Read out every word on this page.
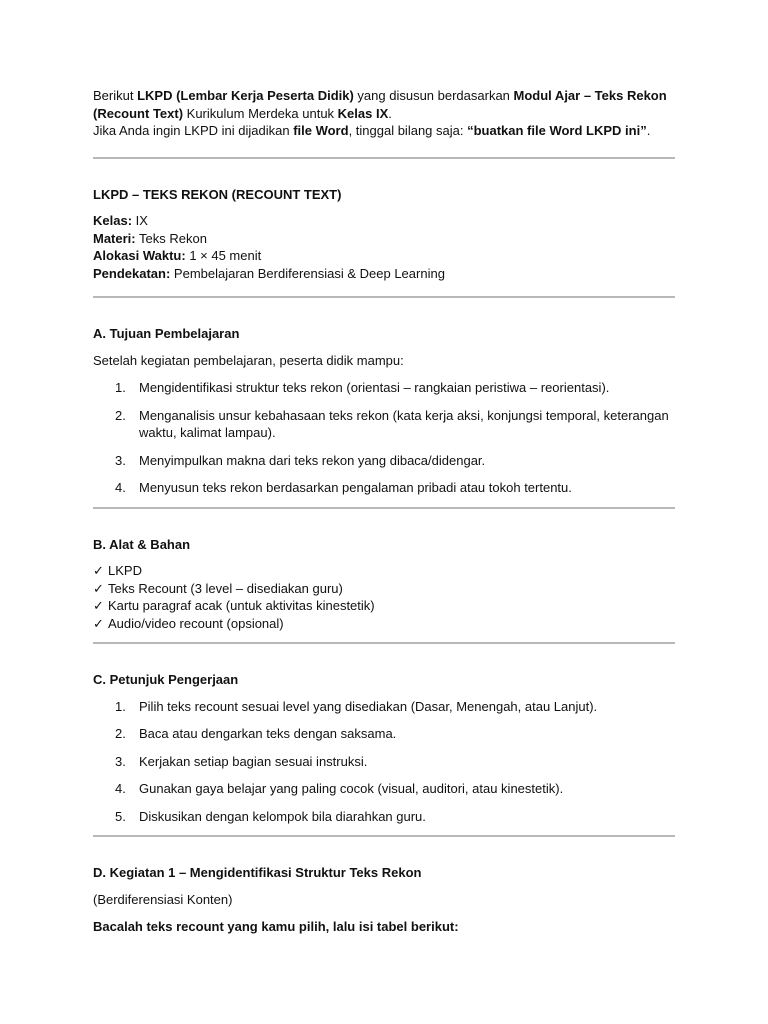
Berikut LKPD (Lembar Kerja Peserta Didik) yang disusun berdasarkan Modul Ajar – Teks Rekon (Recount Text) Kurikulum Merdeka untuk Kelas IX.
Jika Anda ingin LKPD ini dijadikan file Word, tinggal bilang saja: “buatkan file Word LKPD ini”.

LKPD – TEKS REKON (RECOUNT TEXT)

Kelas: IX

Materi: Teks Rekon

Alokasi Waktu: 1 × 45 menit

Pendekatan: Pembelajaran Berdiferensiasi & Deep Learning

A. Tujuan Pembelajaran

Setelah kegiatan pembelajaran, peserta didik mampu:

1. Mengidentifikasi struktur teks rekon (orientasi – rangkaian peristiwa – reorientasi).
2. Menganalisis unsur kebahasaan teks rekon (kata kerja aksi, konjungsi temporal, keterangan waktu, kalimat lampau).
3. Menyimpulkan makna dari teks rekon yang dibaca/didengar.
4. Menyusun teks rekon berdasarkan pengalaman pribadi atau tokoh tertentu.

B. Alat & Bahan

✓ LKPD
✓ Teks Recount (3 level – disediakan guru)
✓ Kartu paragraf acak (untuk aktivitas kinestetik)
✓ Audio/video recount (opsional)

C. Petunjuk Pengerjaan

1. Pilih teks recount sesuai level yang disediakan (Dasar, Menengah, atau Lanjut).
2. Baca atau dengarkan teks dengan saksama.
3. Kerjakan setiap bagian sesuai instruksi.
4. Gunakan gaya belajar yang paling cocok (visual, auditori, atau kinestetik).
5. Diskusikan dengan kelompok bila diarahkan guru.

D. Kegiatan 1 – Mengidentifikasi Struktur Teks Rekon

(Berdiferensiasi Konten)

Bacalah teks recount yang kamu pilih, lalu isi tabel berikut:
